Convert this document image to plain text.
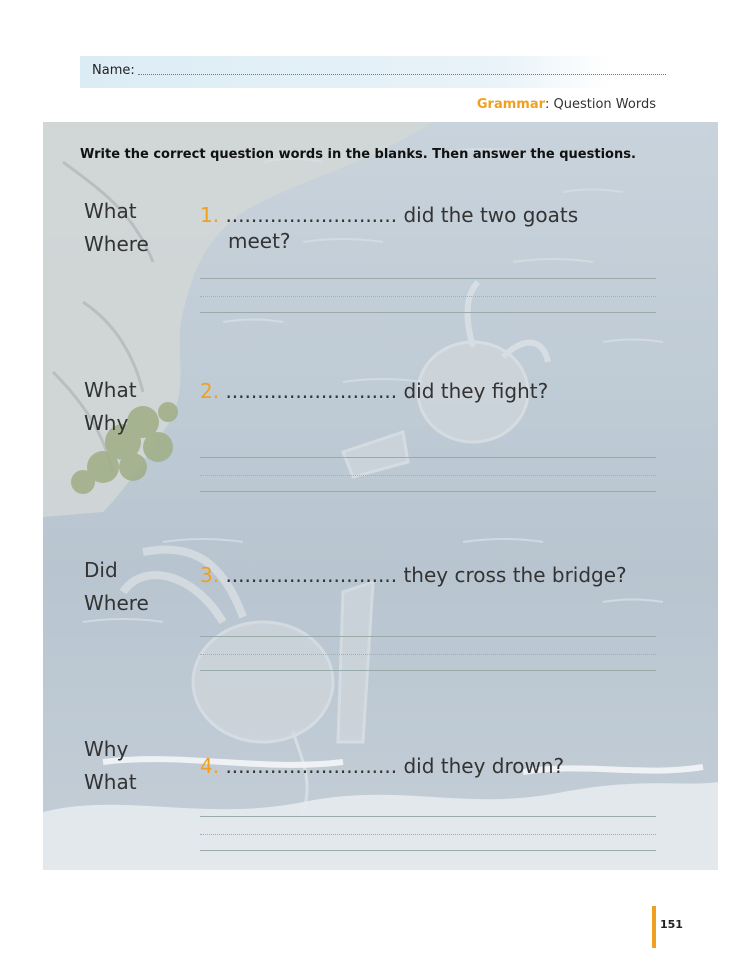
Name:
Grammar: Question Words
Write the correct question words in the blanks. Then answer the questions.
What
Where
1. ........................... did the two goats
meet?
What
Why
2. ........................... did they fight?
Did
Where
3. ........................... they cross the bridge?
Why
What
4. ........................... did they drown?
151
